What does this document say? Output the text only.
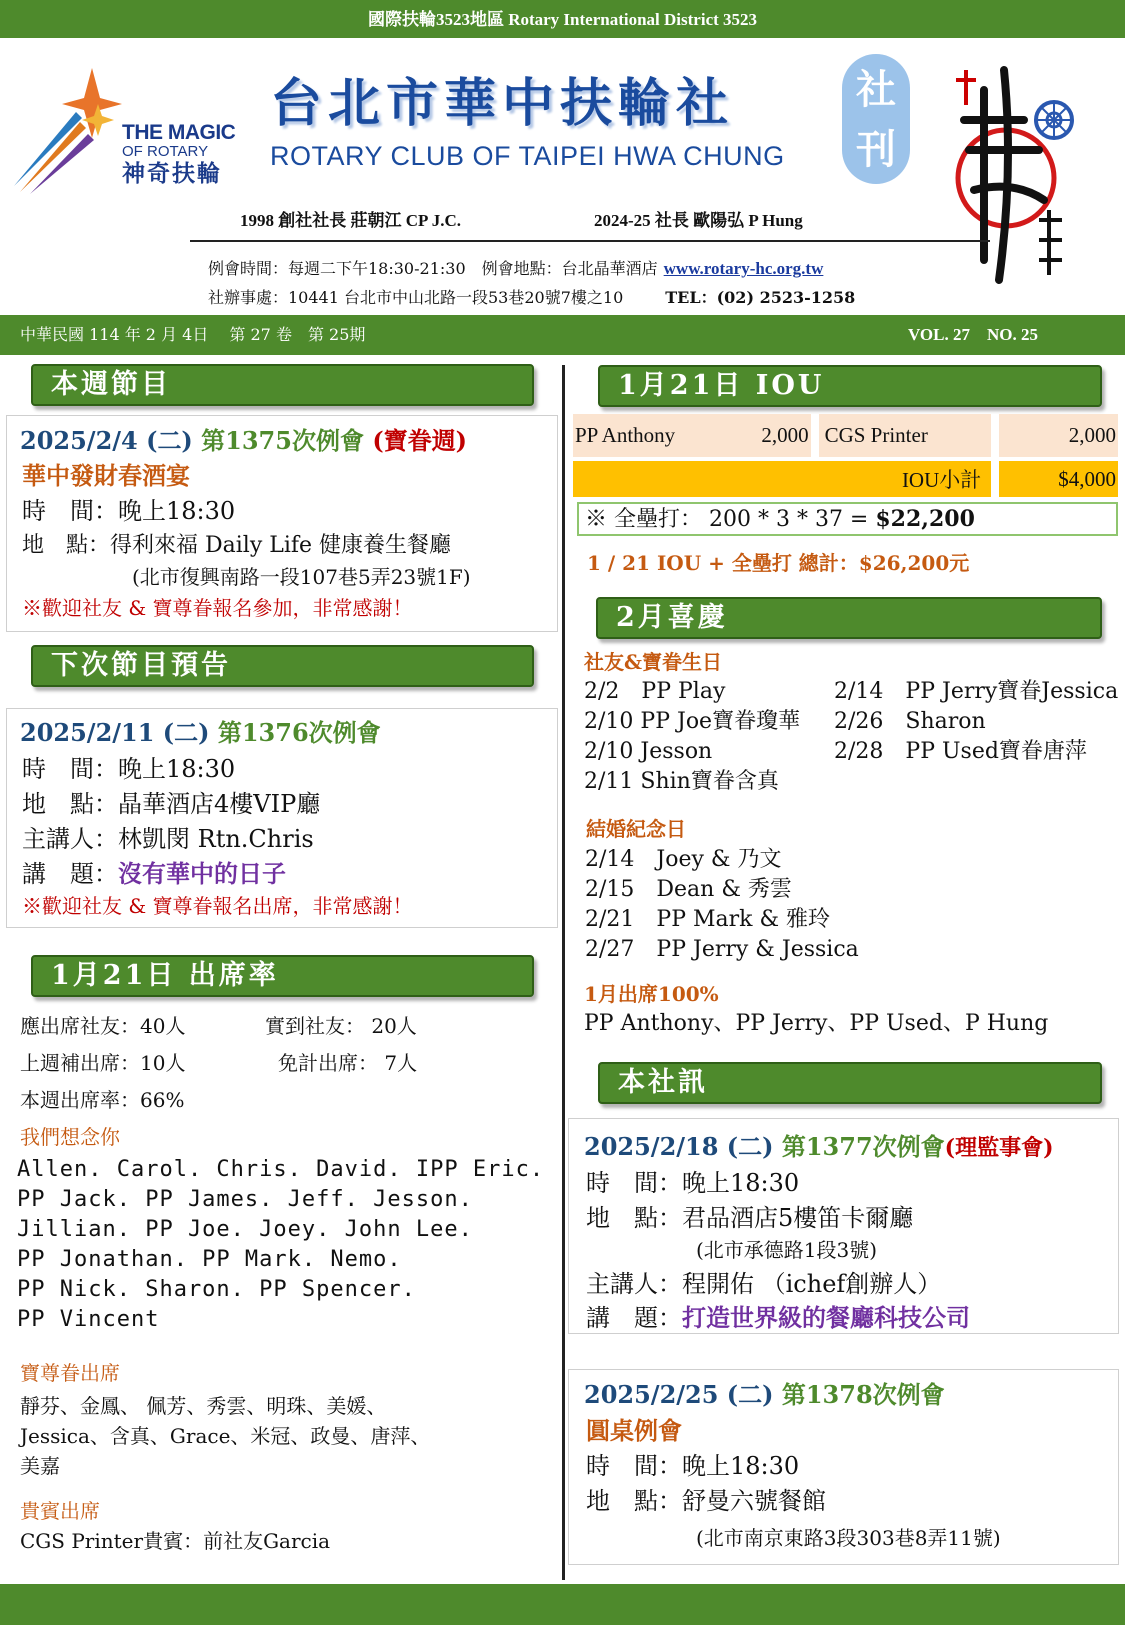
國際扶輪3523地區 Rotary International District 3523
THE MAGIC
OF ROTARY
神奇扶輪
台北市華中扶輪社
ROTARY CLUB OF TAIPEI HWA CHUNG
社
刊
1998 創社社長 莊朝江 CP J.C.	2024-25 社長 歐陽弘 P Hung
例會時間：每週二下午18:30-21:30　例會地點：台北晶華酒店 www.rotary-hc.org.tw
社辦事處：10441 台北市中山北路一段53巷20號7樓之10	TEL：(02) 2523-1258
中華民國 114 年 2 月 4日　 第 27 卷　第 25期	VOL. 27　NO. 25
本週節目
2025/2/4 (二) 第1375次例會 (寶眷週)
華中發財春酒宴
時　間：晚上18:30
地　點：得利來福 Daily Life 健康養生餐廳
(北市復興南路一段107巷5弄23號1F)
※歡迎社友 & 寶尊眷報名參加，非常感謝！
下次節目預告
2025/2/11 (二) 第1376次例會
時　間：晚上18:30
地　點：晶華酒店4樓VIP廳
主講人：林凱閔 Rtn.Chris
講　題：沒有華中的日子
※歡迎社友 & 寶尊眷報名出席，非常感謝！
1月21日 出席率
應出席社友：40人	實到社友： 20人
上週補出席：10人	免計出席： 7人
本週出席率：66%
我們想念你
Allen. Carol. Chris. David. IPP Eric.
PP Jack. PP James. Jeff. Jesson.
Jillian. PP Joe. Joey. John Lee.
PP Jonathan. PP Mark. Nemo.
PP Nick. Sharon. PP Spencer.
PP Vincent
寶尊眷出席
靜芬、金鳳、 佩芳、秀雲、明珠、美媛、
Jessica、含真、Grace、米冠、政曼、唐萍、
美嘉
貴賓出席
CGS Printer貴賓：前社友Garcia
1月21日 IOU
PP Anthony	2,000		CGS Printer		2,000

IOU小計					$4,000
※ 全壘打： 200 * 3 * 37 = $22,200
1 / 21 IOU + 全壘打 總計：$26,200元
2月喜慶
社友&寶眷生日
2/2　PP Play
2/10 PP Joe寶眷瓊華
2/10 Jesson
2/11 Shin寶眷含真
2/14　PP Jerry寶眷Jessica
2/26　Sharon
2/28　PP Used寶眷唐萍
結婚紀念日
2/14　Joey & 乃文
2/15　Dean & 秀雲
2/21　PP Mark & 雅玲
2/27　PP Jerry & Jessica
1月出席100%
PP Anthony、PP Jerry、PP Used、P Hung
本社訊
2025/2/18 (二) 第1377次例會(理監事會)
時　間：晚上18:30
地　點：君品酒店5樓笛卡爾廳
(北市承德路1段3號)
主講人：程開佑 （ichef創辦人）
講　題：打造世界級的餐廳科技公司
2025/2/25 (二) 第1378次例會
圓桌例會
時　間：晚上18:30
地　點：舒曼六號餐館
(北市南京東路3段303巷8弄11號)
